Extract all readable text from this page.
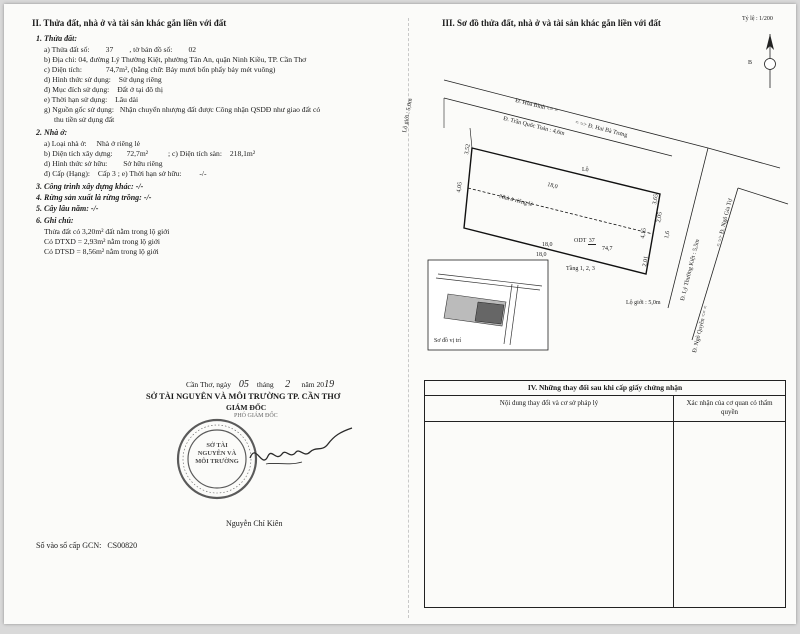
II. Thửa đất, nhà ở và tài sản khác gắn liền với đất
1. Thửa đất:
a) Thửa đất số: 37 , tờ bản đồ số: 02
b) Địa chỉ: 04, đường Lý Thường Kiệt, phường Tân An, quận Ninh Kiều, TP. Cần Thơ
c) Diện tích:	74,7m², (bằng chữ: Bảy mươi bốn phẩy bảy mét vuông)
d) Hình thức sử dụng: Sử dụng riêng
đ) Mục đích sử dụng: Đất ở tại đô thị
e) Thời hạn sử dụng: Lâu dài
g) Nguồn gốc sử dụng: Nhận chuyển nhượng đất được Công nhận QSDĐ như giao đất có
thu tiền sử dụng đất
2. Nhà ở:
a) Loại nhà ở: Nhà ở riêng lẻ
b) Diện tích xây dựng: 72,7m²	; c) Diện tích sàn: 218,1m²
d) Hình thức sở hữu: Sở hữu riêng
đ) Cấp (Hạng): Cấp 3 ; e) Thời hạn sở hữu: -/-
3. Công trình xây dựng khác: -/-
4. Rừng sản xuất là rừng trồng: -/-
5. Cây lâu năm: -/-
6. Ghi chú:
Thửa đất có 3,20m² đất nằm trong lộ giới
Có DTXD = 2,93m² nằm trong lộ giới
Có DTSD = 8,56m² nằm trong lộ giới
Cần Thơ, ngày 05 tháng 2 năm 2019
SỞ TÀI NGUYÊN VÀ MÔI TRƯỜNG TP. CẦN THƠ
GIÁM ĐỐC
PHÓ GIÁM ĐỐC
SỞ TÀI NGUYÊN VÀ MÔI TRƯỜNG
Nguyễn Chí Kiên
Số vào sổ cấp GCN: CS00820
III. Sơ đồ thửa đất, nhà ở và tài sản khác gắn liền với đất	Tỷ lệ : 1/200
B
Đ. Hòa Bình <= =
= => Đ. Hai Bà Trưng
Đ. Trần Quốc Toản : 4,6m
Lộ giới : 5,0m
Đ. Lý Thường Kiệt : 5,5m
= => Đ. Ngô Gia Tự
Đ. Ngô Quyền <= =
Lộ giới : 5,0m
Lộ
18,0
Nhà ở riêng lẻ
18,0
18,0
ODT 37
74,7
4,05
3,52
3,65
2,05
4,15
2,01
1,6
Tầng 1, 2, 3
Sơ đồ vị trí
IV. Những thay đổi sau khi cấp giấy chứng nhận
Nội dung thay đổi và cơ sở pháp lý	Xác nhận của cơ quan có thẩm quyền
